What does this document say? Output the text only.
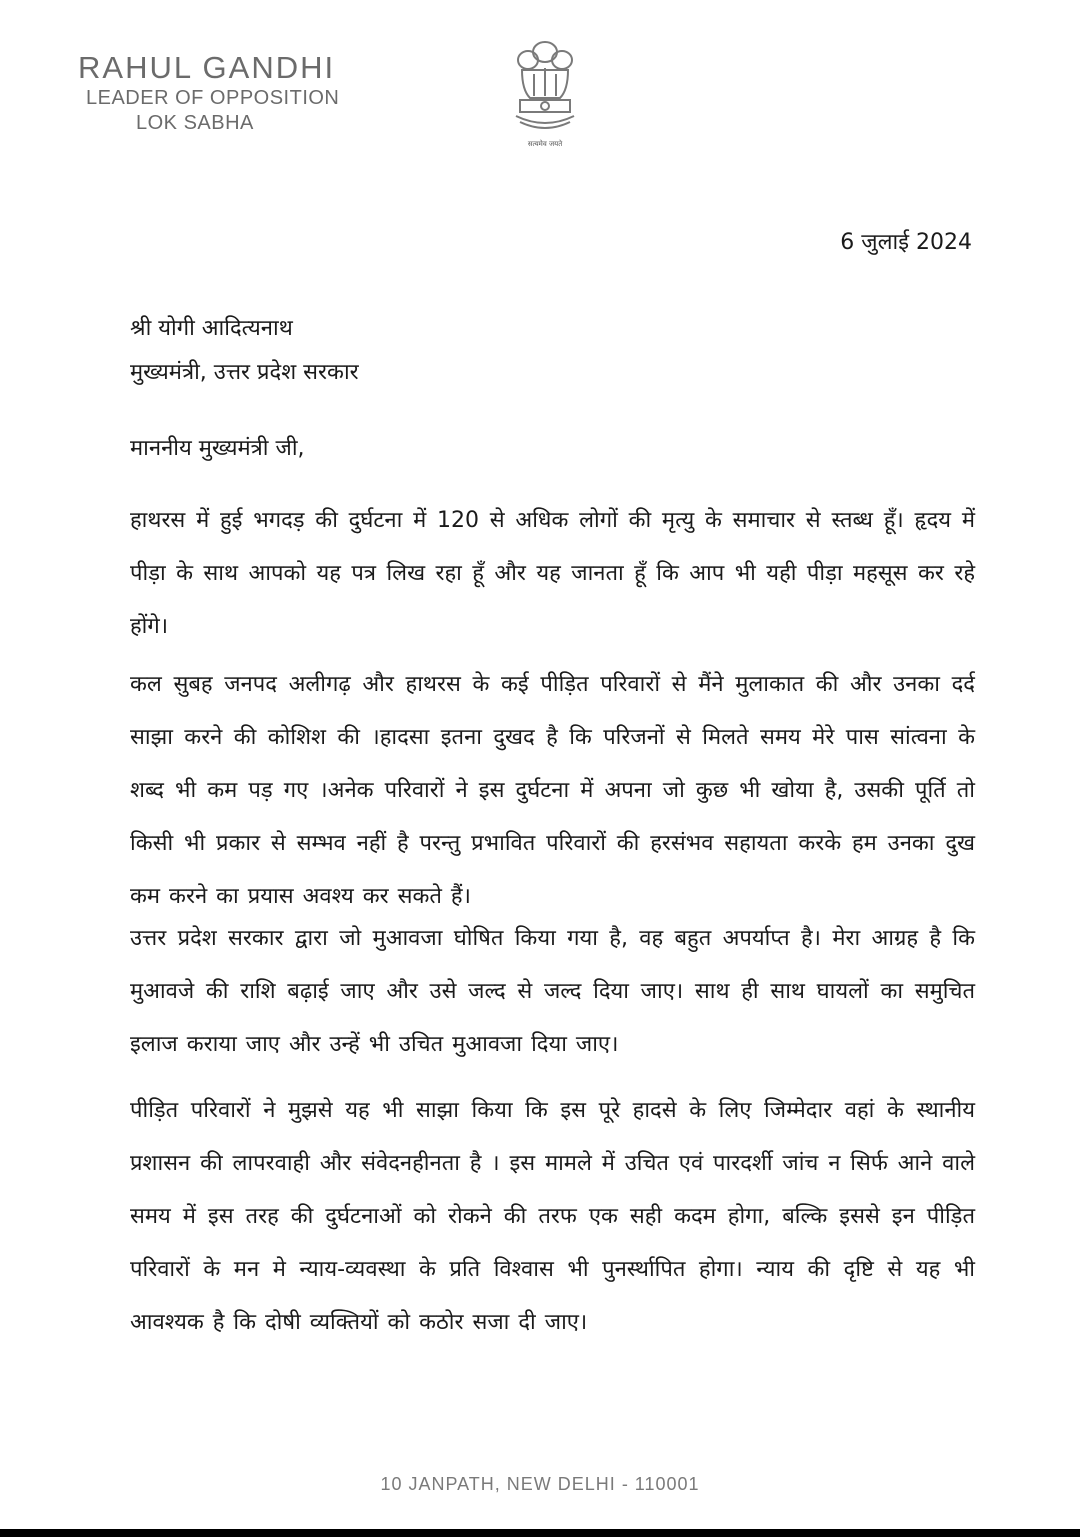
RAHUL GANDHI
LEADER OF OPPOSITION
LOK SABHA
सत्यमेव जयते
6 जुलाई 2024
श्री योगी आदित्यनाथ
मुख्यमंत्री, उत्तर प्रदेश सरकार
माननीय मुख्यमंत्री जी,
हाथरस में हुई भगदड़ की दुर्घटना में 120 से अधिक लोगों की मृत्यु के समाचार से स्तब्ध हूँ। हृदय में पीड़ा के साथ आपको यह पत्र लिख रहा हूँ और यह जानता हूँ कि आप भी यही पीड़ा महसूस कर रहे होंगे।
कल सुबह जनपद अलीगढ़ और हाथरस के कई पीड़ित परिवारों से मैंने मुलाकात की और उनका दर्द साझा करने की कोशिश की ।हादसा इतना दुखद है कि परिजनों से मिलते समय मेरे पास सांत्वना के शब्द भी कम पड़ गए ।अनेक परिवारों ने इस दुर्घटना में अपना जो कुछ भी खोया है, उसकी पूर्ति तो किसी भी प्रकार से सम्भव नहीं है परन्तु प्रभावित परिवारों की हरसंभव सहायता करके हम उनका दुख कम करने का प्रयास अवश्य कर सकते हैं।
उत्तर प्रदेश सरकार द्वारा जो मुआवजा घोषित किया गया है, वह बहुत अपर्याप्त है। मेरा आग्रह है कि मुआवजे की राशि बढ़ाई जाए और उसे जल्द से जल्द दिया जाए। साथ ही साथ घायलों का समुचित इलाज कराया जाए और उन्हें भी उचित मुआवजा दिया जाए।
पीड़ित परिवारों ने मुझसे यह भी साझा किया कि इस पूरे हादसे के लिए जिम्मेदार वहां के स्थानीय प्रशासन की लापरवाही और संवेदनहीनता है । इस मामले में उचित एवं पारदर्शी जांच न सिर्फ आने वाले समय में इस तरह की दुर्घटनाओं को रोकने की तरफ एक सही कदम होगा, बल्कि इससे इन पीड़ित परिवारों के मन मे न्याय-व्यवस्था के प्रति विश्वास भी पुनर्स्थापित होगा। न्याय की दृष्टि से यह भी आवश्यक है कि दोषी व्यक्तियों को कठोर सजा दी जाए।
10 JANPATH, NEW DELHI - 110001
